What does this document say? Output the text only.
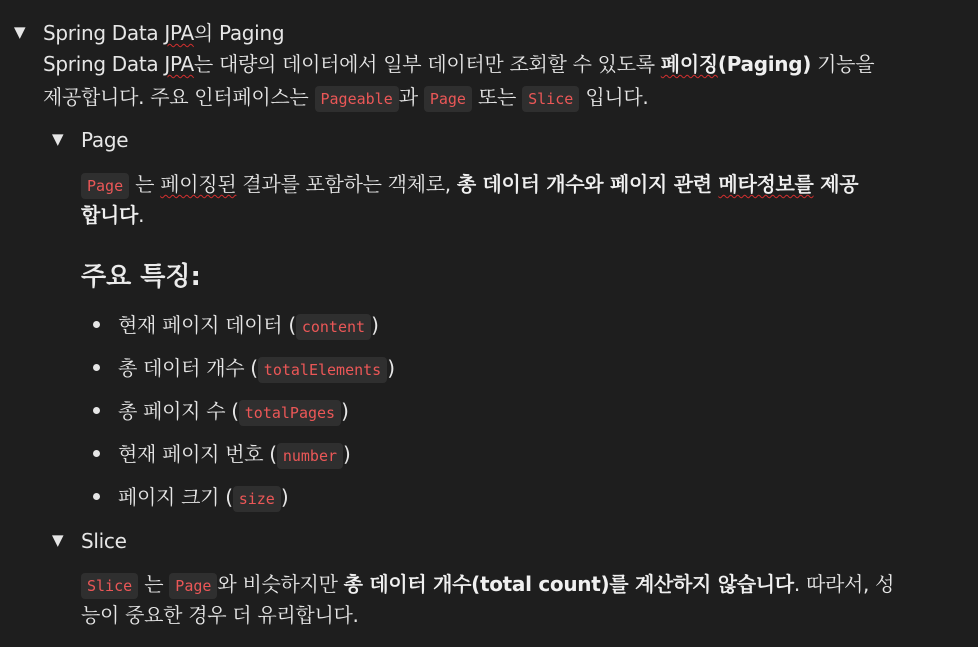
▼ Spring Data JPA의 Paging
Spring Data JPA는 대량의 데이터에서 일부 데이터만 조회할 수 있도록 페이징(Paging) 기능을
제공합니다. 주요 인터페이스는 Pageable 과 Page 또는 Slice 입니다.
▼ Page
Page 는 페이징된 결과를 포함하는 객체로, 총 데이터 개수와 페이지 관련 메타정보를 제공
합니다.
주요 특징:
현재 페이지 데이터 ( content )
총 데이터 개수 ( totalElements )
총 페이지 수 ( totalPages )
현재 페이지 번호 ( number )
페이지 크기 ( size )
▼ Slice
Slice 는 Page 와 비슷하지만 총 데이터 개수(total count)를 계산하지 않습니다. 따라서, 성
능이 중요한 경우 더 유리합니다.
